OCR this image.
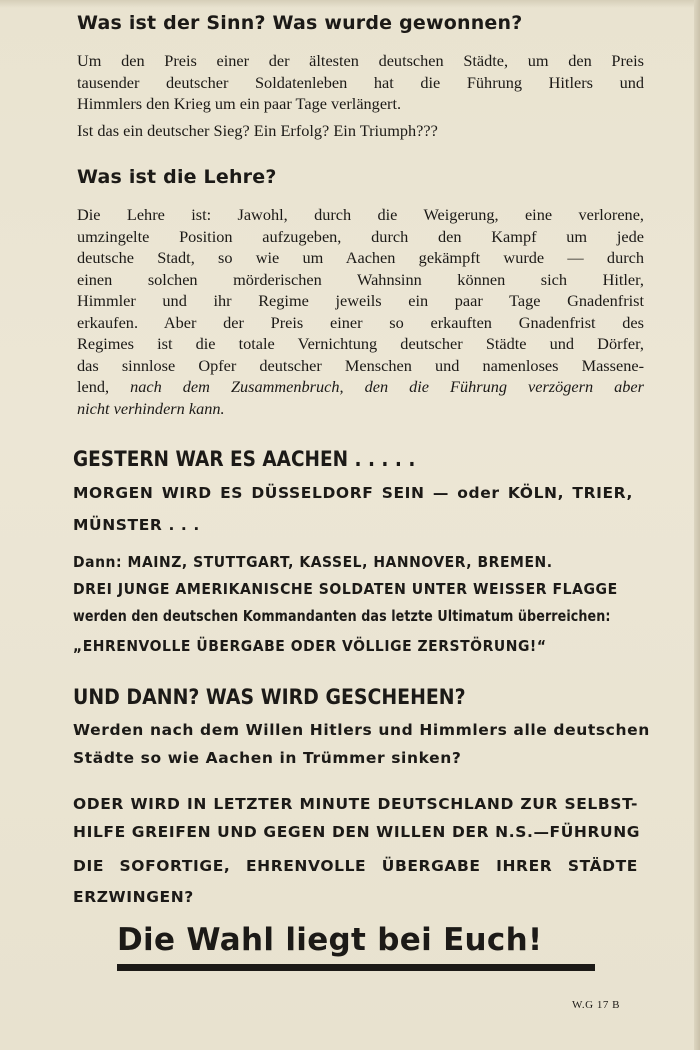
Was ist der Sinn? Was wurde gewonnen?
Um den Preis einer der ältesten deutschen Städte, um den Preis
tausender deutscher Soldatenleben hat die Führung Hitlers und
Himmlers den Krieg um ein paar Tage verlängert.
Ist das ein deutscher Sieg? Ein Erfolg? Ein Triumph???
Was ist die Lehre?
Die Lehre ist: Jawohl, durch die Weigerung, eine verlorene,
umzingelte Position aufzugeben, durch den Kampf um jede
deutsche Stadt, so wie um Aachen gekämpft wurde — durch
einen solchen mörderischen Wahnsinn können sich Hitler,
Himmler und ihr Regime jeweils ein paar Tage Gnadenfrist
erkaufen. Aber der Preis einer so erkauften Gnadenfrist des
Regimes ist die totale Vernichtung deutscher Städte und Dörfer,
das sinnlose Opfer deutscher Menschen und namenloses Massene-
lend, nach dem Zusammenbruch, den die Führung verzögern aber
nicht verhindern kann.
GESTERN WAR ES AACHEN . . . . .
MORGEN WIRD ES DÜSSELDORF SEIN — oder KÖLN, TRIER,
MÜNSTER . . .
Dann: MAINZ, STUTTGART, KASSEL, HANNOVER, BREMEN.
DREI JUNGE AMERIKANISCHE SOLDATEN UNTER WEISSER FLAGGE
werden den deutschen Kommandanten das letzte Ultimatum überreichen:
„EHRENVOLLE ÜBERGABE ODER VÖLLIGE ZERSTÖRUNG!“
UND DANN? WAS WIRD GESCHEHEN?
Werden nach dem Willen Hitlers und Himmlers alle deutschen
Städte so wie Aachen in Trümmer sinken?
ODER WIRD IN LETZTER MINUTE DEUTSCHLAND ZUR SELBST-
HILFE GREIFEN UND GEGEN DEN WILLEN DER N.S.—FÜHRUNG
DIE SOFORTIGE, EHRENVOLLE ÜBERGABE IHRER STÄDTE
ERZWINGEN?
Die Wahl liegt bei Euch!
W.G 17 B
